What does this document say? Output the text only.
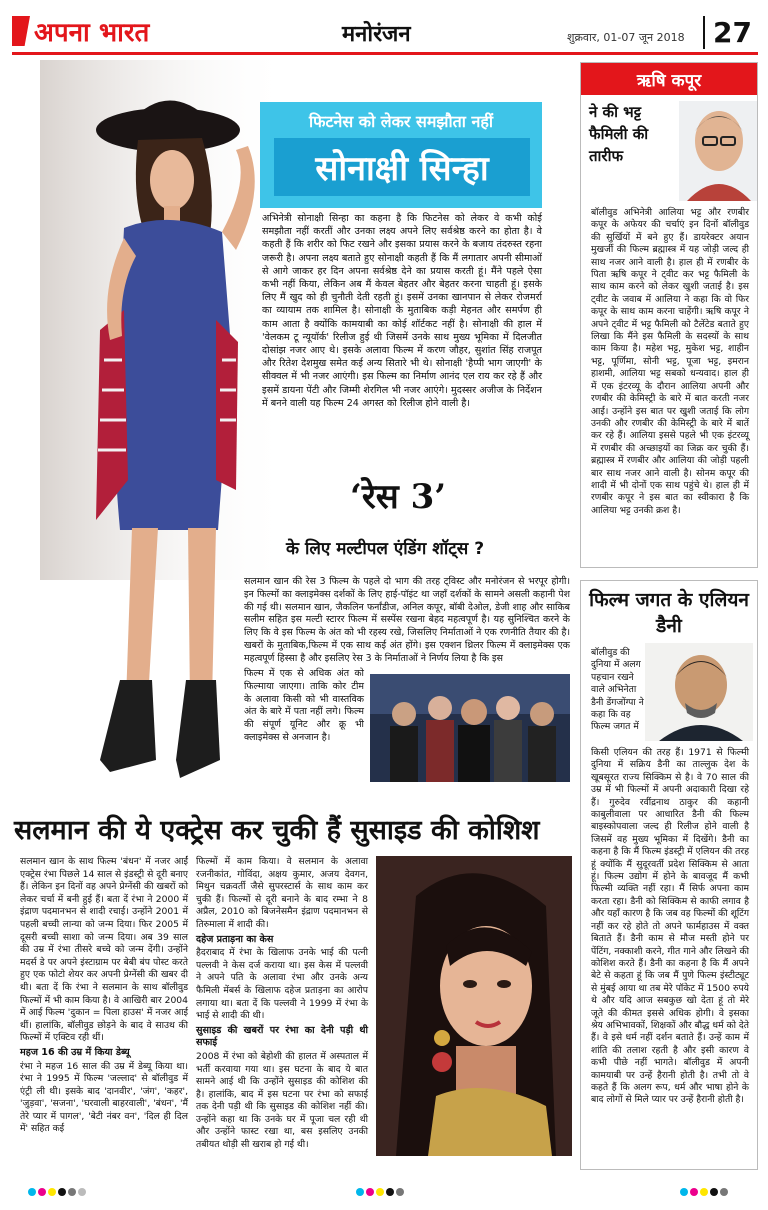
अपना भारत	मनोरंजन	शुक्रवार, 01-07 जून 2018	27
फिटनेस को लेकर समझौता नहीं
सोनाक्षी सिन्हा

अभिनेत्री सोनाक्षी सिन्हा का कहना है कि फिटनेस को लेकर वे कभी कोई समझौता नहीं करतीं और उनका लक्ष्य अपने लिए सर्वश्रेष्ठ करने का होता है। वे कहती हैं कि शरीर को फिट रखने और इसका प्रयास करने के बजाय तंदरुस्त रहना जरूरी है। अपना लक्ष्य बताते हुए सोनाक्षी कहती हैं कि मैं लगातार अपनी सीमाओं से आगे जाकर हर दिन अपना सर्वश्रेष्ठ देने का प्रयास करती हूं। मैंने पहले ऐसा कभी नहीं किया, लेकिन अब मैं केवल बेहतर और बेहतर करना चाहती हूं। इसके लिए मैं खुद को ही चुनौती देती रहती हूं। इसमें उनका खानपान से लेकर रोजमर्रा का व्यायाम तक शामिल है। सोनाक्षी के मुताबिक कड़ी मेहनत और समर्पण ही काम आता है क्योंकि कामयाबी का कोई शॉर्टकट नहीं है। सोनाक्षी की हाल में 'वेलकम टू न्यूयॉर्क' रिलीज हुई थी जिसमें उनके साथ मुख्य भूमिका में दिलजीत दोसांझ नजर आए थे। इसके अलावा फिल्म में करण जौहर, सुशांत सिंह राजपूत और रितेश देशमुख समेत कई अन्य सितारे भी थे। सोनाक्षी 'हैप्पी भाग जाएगी' के सीक्वल में भी नजर आएंगी। इस फिल्म का निर्माण आनंद एल राय कर रहे हैं और इसमें डायना पेंटी और जिम्मी शेरगिल भी नजर आएंगे। मुदस्सर अजीज के निर्देशन में बनने वाली यह फिल्म 24 अगस्त को रिलीज होने वाली है।

‘रेस 3’
के लिए मल्टीपल एंडिंग शॉट्स ?

सलमान खान की रेस 3 फिल्म के पहले दो भाग की तरह ट्विस्ट और मनोरंजन से भरपूर होगी। इन फिल्मों का क्लाइमेक्स दर्शकों के लिए हाई-पॉइंट था जहाँ दर्शकों के सामने असली कहानी पेश की गई थी। सलमान खान, जैकलिन फर्नांडीज, अनिल कपूर, बॉबी देओल, डेजी शाह और साकिब सलीम सहित इस मल्टी स्टारर फिल्म में सस्पेंस रखना बेहद महत्वपूर्ण है। यह सुनिश्चित करने के लिए कि वे इस फिल्म के अंत को भी रहस्य रखे, जिसलिए निर्माताओं ने एक रणनीति तैयार की है। खबरों के मुताबिक,फिल्म में एक साथ कई अंत होंगे। इस एक्शन थ्रिलर फिल्म में क्लाइमेक्स एक महत्वपूर्ण हिस्सा है और इसलिए रेस 3 के निर्माताओं ने निर्णय लिया है कि इस

फिल्म में एक से अधिक अंत को फिल्माया जाएगा। ताकि कोर टीम के अलावा किसी को भी वास्तविक अंत के बारे में पता नहीं लगे। फिल्म की संपूर्ण यूनिट और क्रू भी क्लाइमेक्स से अनजान है।

सलमान की ये एक्ट्रेस कर चुकी हैं सुसाइड की कोशिश
सलमान खान के साथ फिल्म 'बंधन' में नजर आईं एक्ट्रेस रंभा पिछले 14 साल से इंडस्ट्री से दूरी बनाए हैं। लेकिन इन दिनों वह अपने प्रेग्नेंसी की खबरों को लेकर चर्चा में बनी हुई हैं। बता दें रंभा ने 2000 में इंद्राण पदमानभन से शादी रचाई। उन्होंने 2001 में पहली बच्ची लान्या को जन्म दिया। फिर 2005 में दूसरी बच्ची साशा को जन्म दिया। अब 39 साल की उम्र में रंभा तीसरे बच्चे को जन्म देंगी। उन्होंने मदर्स डे पर अपने इंस्टाग्राम पर बेबी बंप पोस्ट करते हुए एक फोटो शेयर कर अपनी प्रेग्नेंसी की खबर दी थी। बता दें कि रंभा ने सलमान के साथ बॉलीवुड फिल्मों में भी काम किया है। वे आखिरी बार 2004 में आई फिल्म 'दुकान = पिला हाउस' में नजर आई थीं। हालांकि, बॉलीवुड छोड़ने के बाद वे साउथ की फिल्मों में एक्टिव रही थीं।
महज 16 की उम्र में किया डेब्यू
रंभा ने महज 16 साल की उम्र में डेब्यू किया था। रंभा ने 1995 में फिल्म 'जल्लाद' से बॉलीवुड में एंट्री ली थी। इसके बाद 'दानवीर', 'जंग', 'कहर', 'जुड़वा', 'सजना', 'घरवाली बाहरवाली', 'बंधन', 'मैं तेरे प्यार में पागल', 'बेटी नंबर वन', 'दिल ही दिल में' सहित कई
फिल्मों में काम किया। वे सलमान के अलावा रजनीकांत, गोविंदा, अक्षय कुमार, अजय देवगन, मिथुन चक्रवर्ती जैसे सुपरस्टार्स के साथ काम कर चुकी हैं। फिल्मों से दूरी बनाने के बाद रम्भा ने 8 अप्रैल, 2010 को बिजनेसमैन इंद्राण पदमानभन से तिरुमाला में शादी की।
दहेज प्रताड़ना का केस
हैदराबाद में रंभा के खिलाफ उनके भाई की पत्नी पल्लवी ने केस दर्ज कराया था। इस केस में पल्लवी ने अपने पति के अलावा रंभा और उनके अन्य फैमिली मेंबर्स के खिलाफ दहेज प्रताड़ना का आरोप लगाया था। बता दें कि पल्लवी ने 1999 में रंभा के भाई से शादी की थी।
सुसाइड की खबरों पर रंभा का देनी पड़ी थी सफाई
2008 में रंभा को बेहोशी की हालत में अस्पताल में भर्ती करवाया गया था। इस घटना के बाद ये बात सामने आई थी कि उन्होंने सुसाइड की कोशिश की है। हालांकि, बाद में इस घटना पर रंभा को सफाई तक देनी पड़ी थी कि सुसाइड की कोशिश नहीं की। उन्होंने कहा था कि उनके घर में पूजा चल रही थी और उन्होंने फास्ट रखा था, बस इसलिए उनकी तबीयत थोड़ी सी खराब हो गई थी।
ऋषि कपूर
ने की भट्ट फैमिली की तारीफ

बॉलीवुड अभिनेत्री आलिया भट्ट और रणबीर कपूर के अफेयर की चर्चाएं इन दिनों बॉलीवुड की सुर्खियों में बने हुए हैं। डायरेक्टर अयान मुखर्जी की फिल्म ब्रह्मास्त्र में यह जोड़ी जल्द ही साथ नजर आने वाली है। हाल ही में रणबीर के पिता ऋषि कपूर ने ट्वीट कर भट्ट फैमिली के साथ काम करने को लेकर खुशी जताई है। इस ट्वीट के जवाब में आलिया ने कहा कि वो फिर कपूर के साथ काम करना चाहेंगी। ऋषि कपूर ने अपने ट्वीट में भट्ट फैमिली को टैलेंटेड बताते हुए लिखा कि मैंने इस फैमिली के सदस्यों के साथ काम किया है। महेश भट्ट, मुकेश भट्ट, शाहीन भट्ट, पूर्णिमा, सोनी भट्ट, पूजा भट्ट, इमरान हाशमी, आलिया भट्ट सबको धन्यवाद। हाल ही में एक इंटरव्यू के दौरान आलिया अपनी और रणबीर की केमिस्ट्री के बारे में बात करती नजर आई। उन्होंने इस बात पर खुशी जताई कि लोग उनकी और रणबीर की केमिस्ट्री के बारे में बातें कर रहे हैं। आलिया इससे पहले भी एक इंटरव्यू में रणबीर की अच्छाइयों का जिक्र कर चुकी हैं। ब्रह्मास्त्र में रणबीर और आलिया की जोड़ी पहली बार साथ नजर आने वाली है। सोनम कपूर की शादी में भी दोनों एक साथ पहुंचे थे। हाल ही में रणबीर कपूर ने इस बात का स्वीकारा है कि आलिया भट्ट उनकी क्रश है।

फिल्म जगत के एलियन डैनी

बॉलीवुड की दुनिया में अलग पहचान रखने वाले अभिनेता डैनी डेंगजोंग्पा ने कहा कि वह फिल्म जगत में

किसी एलियन की तरह हैं। 1971 से फिल्मी दुनिया में सक्रिय डैनी का ताल्लुक देश के खूबसूरत राज्य सिक्किम से है। वे 70 साल की उम्र में भी फिल्मों में अपनी अदाकारी दिखा रहे हैं। गुरुदेव रवींद्रनाथ ठाकुर की कहानी काबुलीवाला पर आधारित डैनी की फिल्म बाइस्कोपवाला जल्द ही रिलीज होने वाली है जिसमें वह मुख्य भूमिका में दिखेंगे। डैनी का कहना है कि मैं फिल्म इंडस्ट्री में एलियन की तरह हूं क्योंकि मैं सुदूरवर्ती प्रदेश सिक्किम से आता हूं। फिल्म उद्योग में होने के बावजूद मैं कभी फिल्मी व्यक्ति नहीं रहा। मैं सिर्फ अपना काम करता रहा। डैनी को सिक्किम से काफी लगाव है और यहाँ कारण है कि जब वह फिल्मों की शूटिंग नहीं कर रहे होते तो अपने फार्महाउस में वक्त बिताते हैं। डैनी काम से मौज मस्ती होने पर पेंटिंग, नक्काशी करने, गीत गाने और लिखने की कोशिश करते हैं। डैनी का कहना है कि मैं अपने बेटे से कहता हूं कि जब मैं पुणे फिल्म इंस्टीट्यूट से मुंबई आया था तब मेरे पॉकेट में 1500 रुपये थे और यदि आज सबकुछ खो देता हूं तो मेरे जूते की कीमत इससे अधिक होगी। वे इसका श्रेय अभिभावकों, शिक्षकों और बौद्ध धर्म को देते हैं। वे इसे धर्म नहीं दर्शन बताते हैं। उन्हें काम में शांति की तलाश रहती है और इसी कारण वे कभी पीछे नहीं भागते। बॉलीवुड में अपनी कामयाबी पर उन्हें हैरानी होती है। तभी तो वे कहते हैं कि अलग रूप, धर्म और भाषा होने के बाद लोगों से मिले प्यार पर उन्हें हैरानी होती है।
